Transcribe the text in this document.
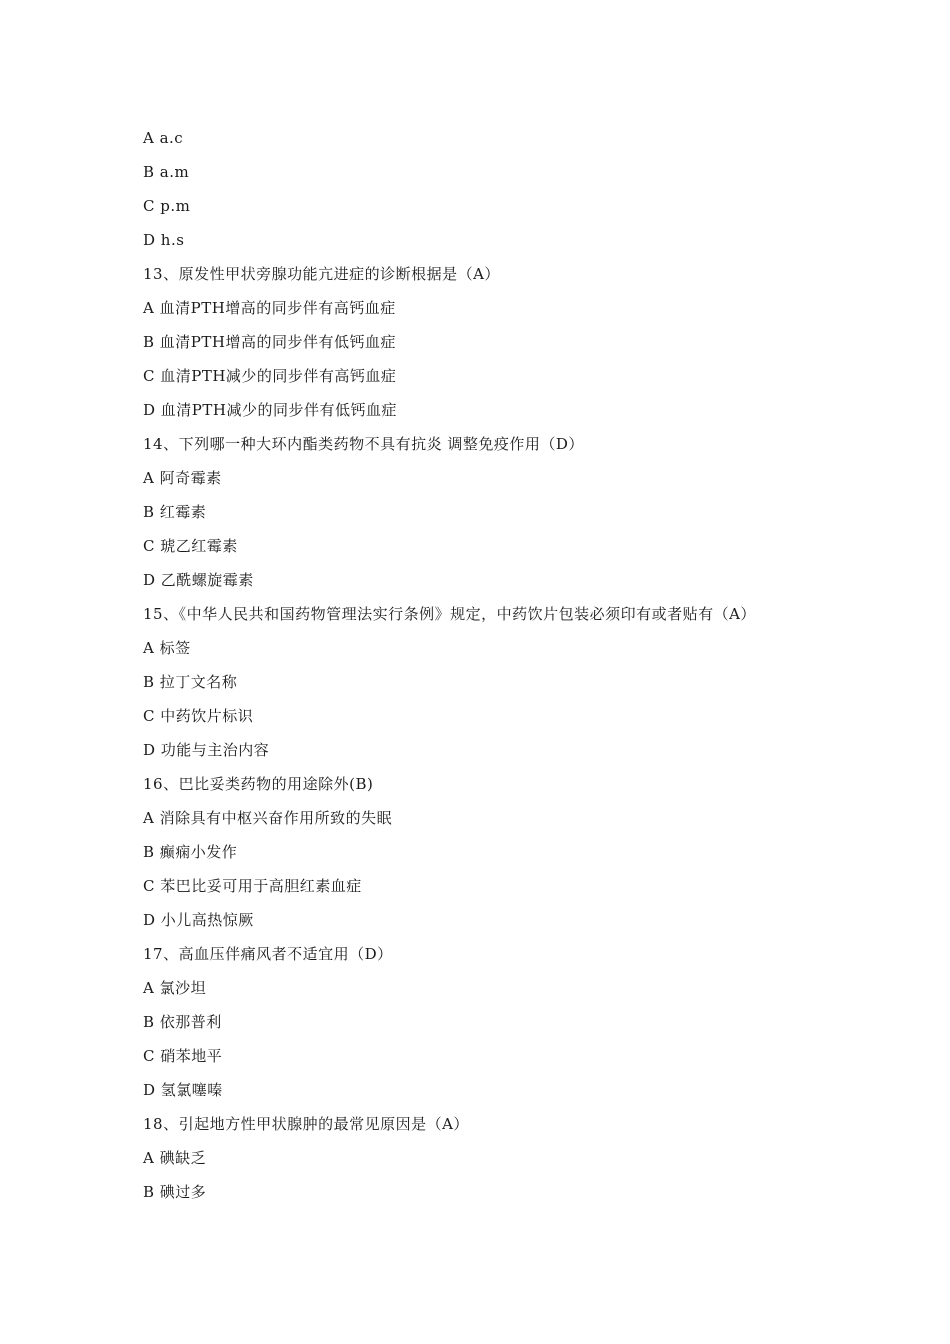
A a.c
B a.m
C p.m
D h.s
13、原发性甲状旁腺功能亢进症的诊断根据是（A）
A 血清PTH增高的同步伴有高钙血症
B 血清PTH增高的同步伴有低钙血症
C 血清PTH减少的同步伴有高钙血症
D 血清PTH减少的同步伴有低钙血症
14、下列哪一种大环内酯类药物不具有抗炎 调整免疫作用（D）
A 阿奇霉素
B 红霉素
C 琥乙红霉素
D 乙酰螺旋霉素
15、《中华人民共和国药物管理法实行条例》规定，中药饮片包装必须印有或者贴有（A）
A 标签
B 拉丁文名称
C 中药饮片标识
D 功能与主治内容
16、巴比妥类药物的用途除外(B)
A 消除具有中枢兴奋作用所致的失眠
B 癫痫小发作
C 苯巴比妥可用于高胆红素血症
D 小儿高热惊厥
17、高血压伴痛风者不适宜用（D）
A 氯沙坦
B 依那普利
C 硝苯地平
D 氢氯噻嗪
18、引起地方性甲状腺肿的最常见原因是（A）
A 碘缺乏
B 碘过多
